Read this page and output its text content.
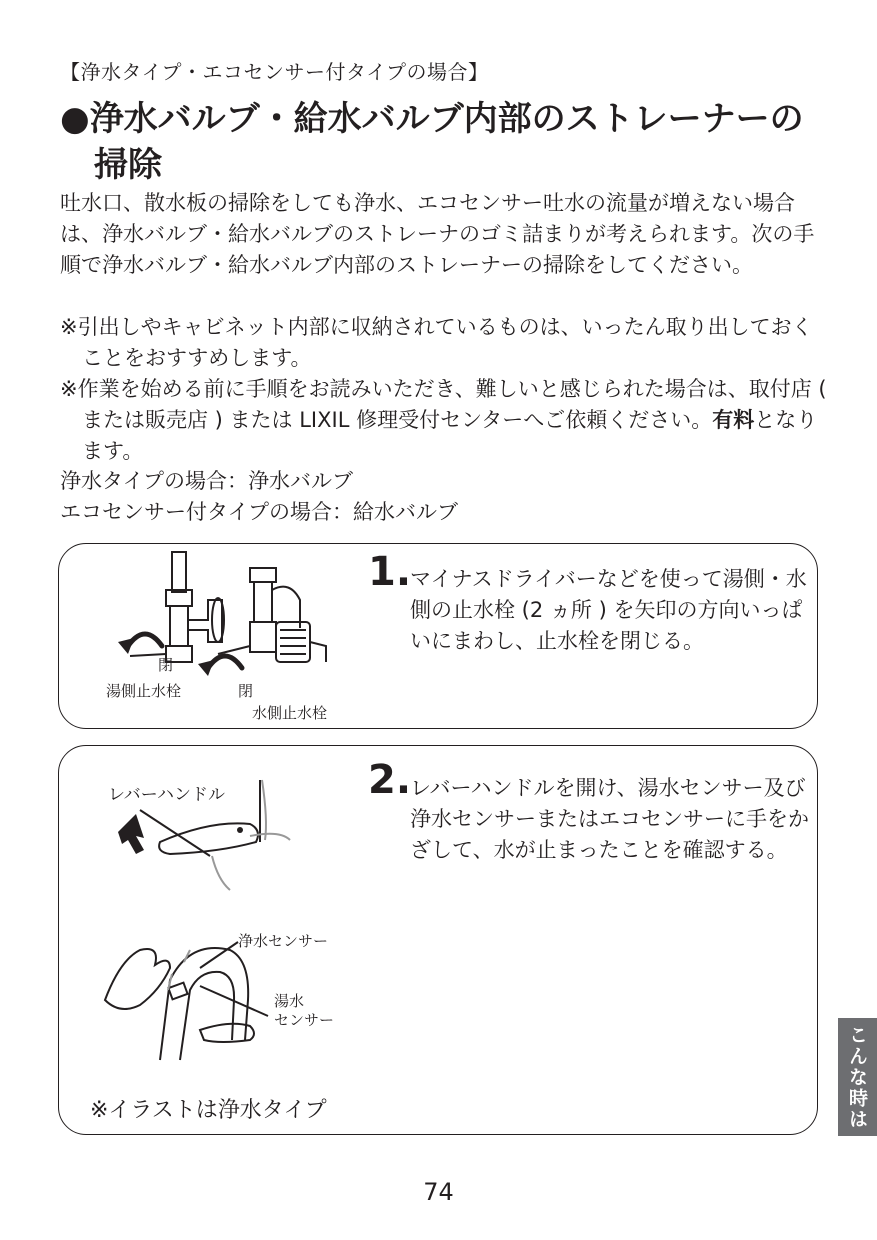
【浄水タイプ・エコセンサー付タイプの場合】
●浄水バルブ・給水バルブ内部のストレーナーの
掃除
吐水口、散水板の掃除をしても浄水、エコセンサー吐水の流量が増えない場合は、浄水バルブ・給水バルブのストレーナのゴミ詰まりが考えられます。次の手順で浄水バルブ・給水バルブ内部のストレーナーの掃除をしてください。
※引出しやキャビネット内部に収納されているものは、いったん取り出しておくことをおすすめします。
※作業を始める前に手順をお読みいただき、難しいと感じられた場合は、取付店 ( または販売店 ) または LIXIL 修理受付センターへご依頼ください。有料となります。
浄水タイプの場合：浄水バルブ
エコセンサー付タイプの場合：給水バルブ
閉
湯側止水栓	閉
水側止水栓
1.
マイナスドライバーなどを使って湯側・水側の止水栓 (2 ヵ所 ) を矢印の方向いっぱいにまわし、止水栓を閉じる。
レバーハンドル
浄水センサー
湯水
センサー
※イラストは浄水タイプ
2.
レバーハンドルを開け、湯水センサー及び浄水センサーまたはエコセンサーに手をかざして、水が止まったことを確認する。
こんな時は
74
